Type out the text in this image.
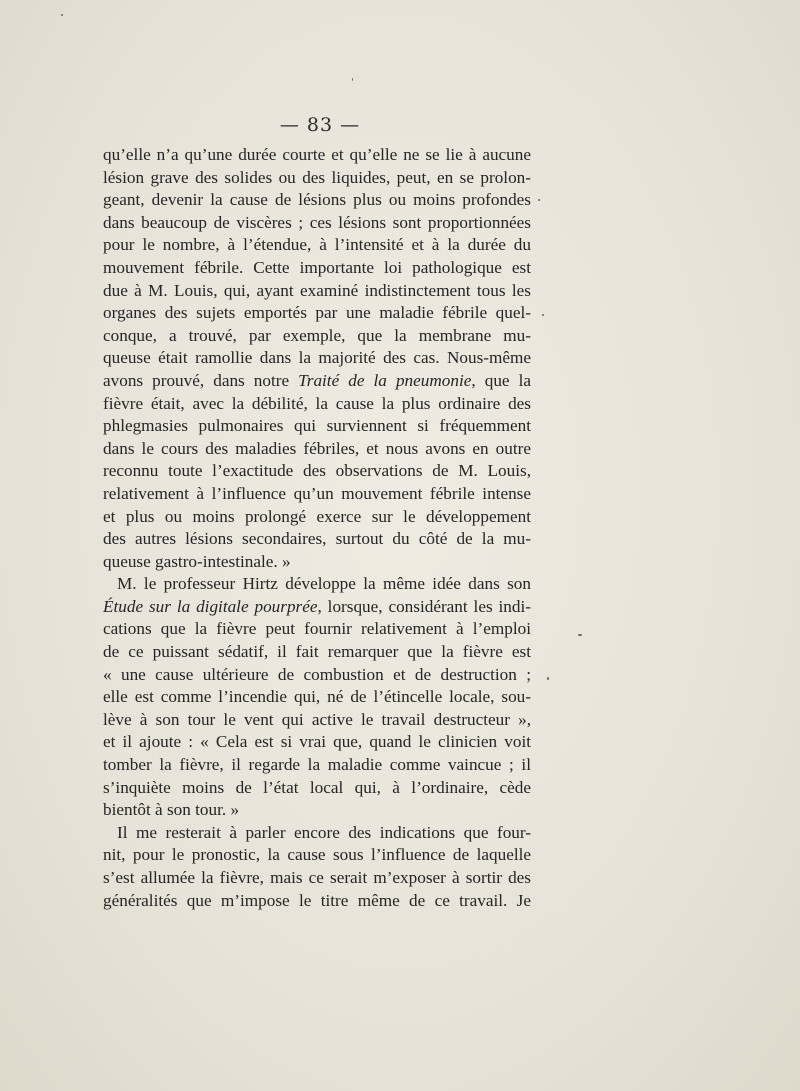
— 83 —
qu’elle n’a qu’une durée courte et qu’elle ne se lie à aucune
lésion grave des solides ou des liquides, peut, en se prolon-
geant, devenir la cause de lésions plus ou moins profondes
dans beaucoup de viscères ; ces lésions sont proportionnées
pour le nombre, à l’étendue, à l’intensité et à la durée du
mouvement fébrile. Cette importante loi pathologique est
due à M. Louis, qui, ayant examiné indistinctement tous les
organes des sujets emportés par une maladie fébrile quel-
conque, a trouvé, par exemple, que la membrane mu-
queuse était ramollie dans la majorité des cas. Nous-même
avons prouvé, dans notre Traité de la pneumonie, que la
fièvre était, avec la débilité, la cause la plus ordinaire des
phlegmasies pulmonaires qui surviennent si fréquemment
dans le cours des maladies fébriles, et nous avons en outre
reconnu toute l’exactitude des observations de M. Louis,
relativement à l’influence qu’un mouvement fébrile intense
et plus ou moins prolongé exerce sur le développement
des autres lésions secondaires, surtout du côté de la mu-
queuse gastro-intestinale. »
M. le professeur Hirtz développe la même idée dans son
Étude sur la digitale pourprée, lorsque, considérant les indi-
cations que la fièvre peut fournir relativement à l’emploi
de ce puissant sédatif, il fait remarquer que la fièvre est
« une cause ultérieure de combustion et de destruction ;
elle est comme l’incendie qui, né de l’étincelle locale, sou-
lève à son tour le vent qui active le travail destructeur »,
et il ajoute : « Cela est si vrai que, quand le clinicien voit
tomber la fièvre, il regarde la maladie comme vaincue ; il
s’inquiète moins de l’état local qui, à l’ordinaire, cède
bientôt à son tour. »
Il me resterait à parler encore des indications que four-
nit, pour le pronostic, la cause sous l’influence de laquelle
s’est allumée la fièvre, mais ce serait m’exposer à sortir des
généralités que m’impose le titre même de ce travail. Je
